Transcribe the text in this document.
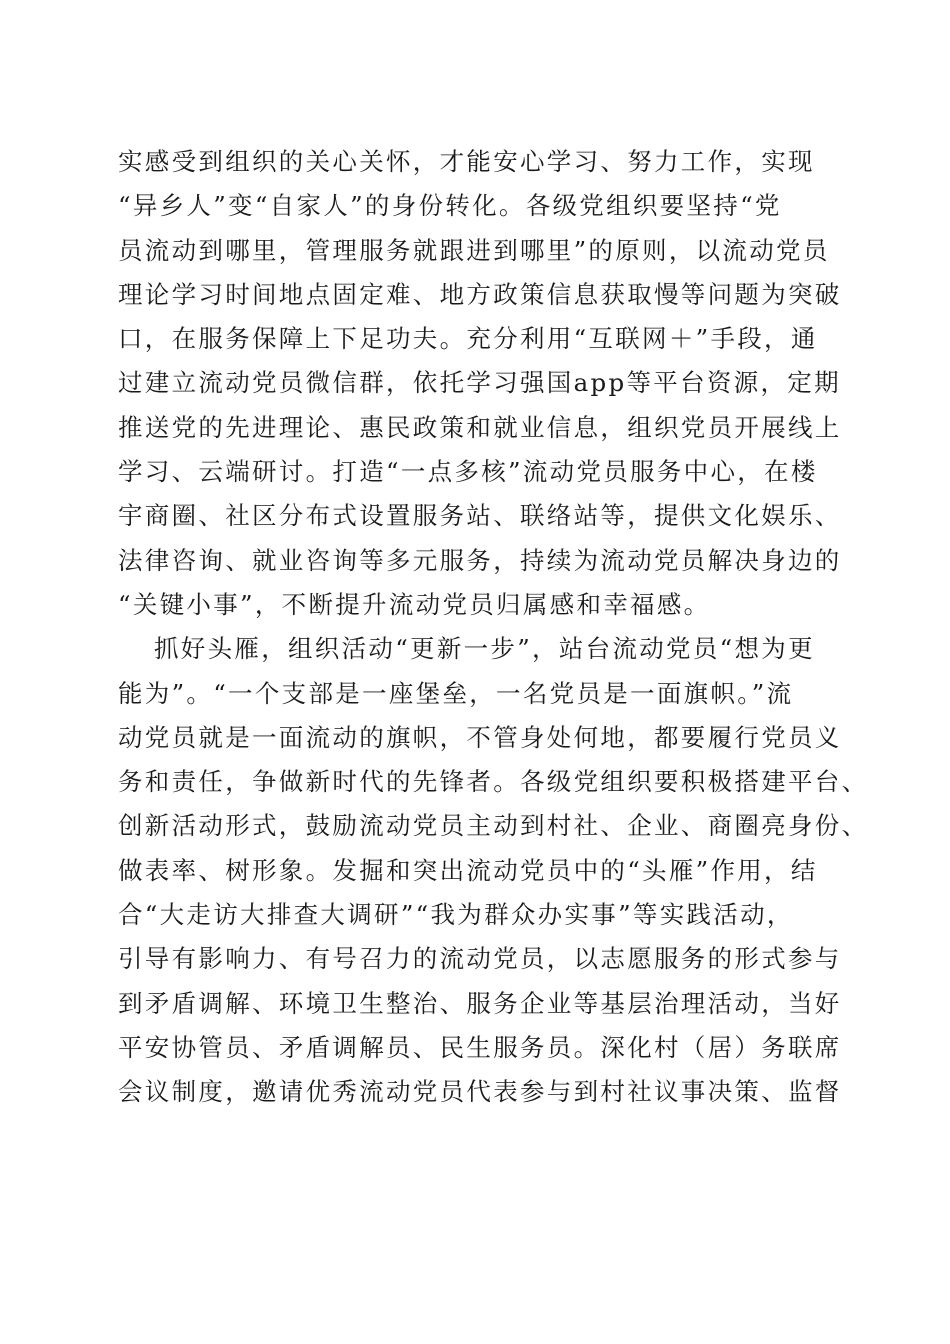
实感受到组织的关心关怀，才能安心学习、努力工作，实现
“异乡人”变“自家人”的身份转化。各级党组织要坚持“党
员流动到哪里，管理服务就跟进到哪里”的原则，以流动党员
理论学习时间地点固定难、地方政策信息获取慢等问题为突破
口，在服务保障上下足功夫。充分利用“互联网＋”手段，通
过建立流动党员微信群，依托学习强国app等平台资源，定期
推送党的先进理论、惠民政策和就业信息，组织党员开展线上
学习、云端研讨。打造“一点多核”流动党员服务中心，在楼
宇商圈、社区分布式设置服务站、联络站等，提供文化娱乐、
法律咨询、就业咨询等多元服务，持续为流动党员解决身边的
“关键小事”，不断提升流动党员归属感和幸福感。
抓好头雁，组织活动“更新一步”，站台流动党员“想为更
能为”。“一个支部是一座堡垒，一名党员是一面旗帜。”流
动党员就是一面流动的旗帜，不管身处何地，都要履行党员义
务和责任，争做新时代的先锋者。各级党组织要积极搭建平台、
创新活动形式，鼓励流动党员主动到村社、企业、商圈亮身份、
做表率、树形象。发掘和突出流动党员中的“头雁”作用，结
合“大走访大排查大调研”“我为群众办实事”等实践活动，
引导有影响力、有号召力的流动党员，以志愿服务的形式参与
到矛盾调解、环境卫生整治、服务企业等基层治理活动，当好
平安协管员、矛盾调解员、民生服务员。深化村（居）务联席
会议制度，邀请优秀流动党员代表参与到村社议事决策、监督
